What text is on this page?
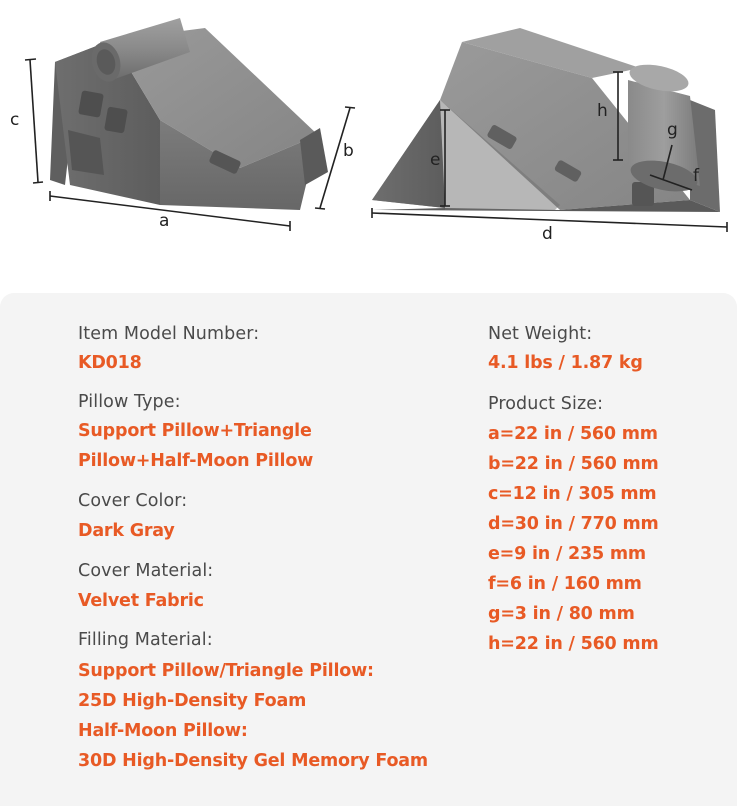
c
a
b	e
h
g
f
d
Item Model Number:
KD018
Pillow Type:
Support Pillow+Triangle
Pillow+Half-Moon Pillow
Cover Color:
Dark Gray
Cover Material:
Velvet Fabric
Filling Material:
Support Pillow/Triangle Pillow:
25D High-Density Foam
Half-Moon Pillow:
30D High-Density Gel Memory Foam
Net Weight:
4.1 lbs / 1.87 kg
Product Size:
a=22 in / 560 mm
b=22 in / 560 mm
c=12 in / 305 mm
d=30 in / 770 mm
e=9 in / 235 mm
f=6 in / 160 mm
g=3 in / 80 mm
h=22 in / 560 mm
